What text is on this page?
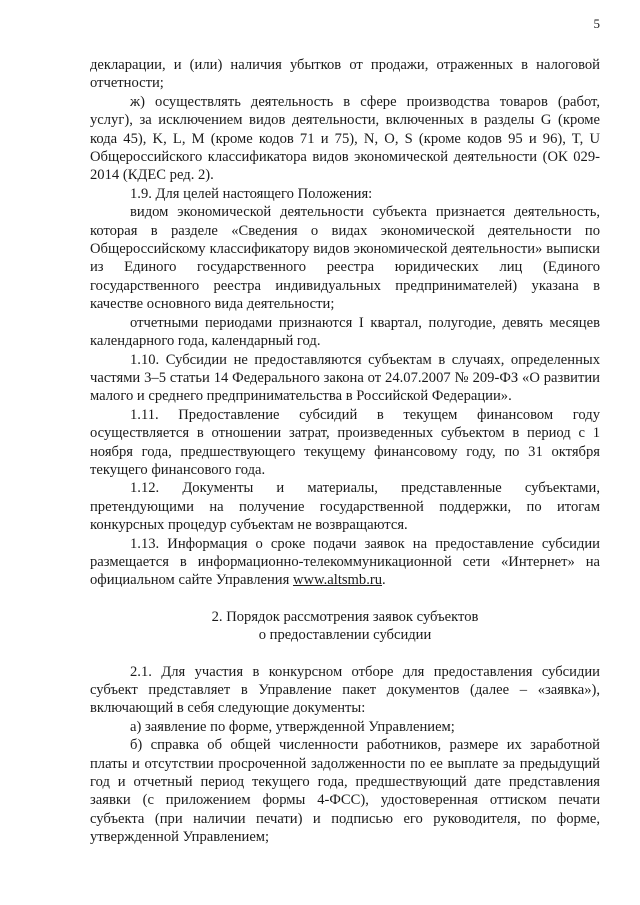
5

декларации, и (или) наличия убытков от продажи, отраженных в налоговой отчетности;

ж) осуществлять деятельность в сфере производства товаров (работ, услуг), за исключением видов деятельности, включенных в разделы G (кроме кода 45), K, L, M (кроме кодов 71 и 75), N, O, S (кроме кодов 95 и 96), T, U Общероссийского классификатора видов экономической деятельности (ОК 029-2014 (КДЕС ред. 2).

1.9. Для целей настоящего Положения:

видом экономической деятельности субъекта признается деятельность, которая в разделе «Сведения о видах экономической деятельности по Общероссийскому классификатору видов экономической деятельности» выписки из Единого государственного реестра юридических лиц (Единого государственного реестра индивидуальных предпринимателей) указана в качестве основного вида деятельности;

отчетными периодами признаются I квартал, полугодие, девять месяцев календарного года, календарный год.

1.10. Субсидии не предоставляются субъектам в случаях, определенных частями 3–5 статьи 14 Федерального закона от 24.07.2007 № 209-ФЗ «О развитии малого и среднего предпринимательства в Российской Федерации».

1.11. Предоставление субсидий в текущем финансовом году осуществляется в отношении затрат, произведенных субъектом в период с 1 ноября года, предшествующего текущему финансовому году, по 31 октября текущего финансового года.

1.12. Документы и материалы, представленные субъектами, претендующими на получение государственной поддержки, по итогам конкурсных процедур субъектам не возвращаются.

1.13. Информация о сроке подачи заявок на предоставление субсидии размещается в информационно-телекоммуникационной сети «Интернет» на официальном сайте Управления www.altsmb.ru.

2. Порядок рассмотрения заявок субъектов
о предоставлении субсидии

2.1. Для участия в конкурсном отборе для предоставления субсидии субъект представляет в Управление пакет документов (далее – «заявка»), включающий в себя следующие документы:

а) заявление по форме, утвержденной Управлением;

б) справка об общей численности работников, размере их заработной платы и отсутствии просроченной задолженности по ее выплате за предыдущий год и отчетный период текущего года, предшествующий дате представления заявки (с приложением формы 4-ФСС), удостоверенная оттиском печати субъекта (при наличии печати) и подписью его руководителя, по форме, утвержденной Управлением;
